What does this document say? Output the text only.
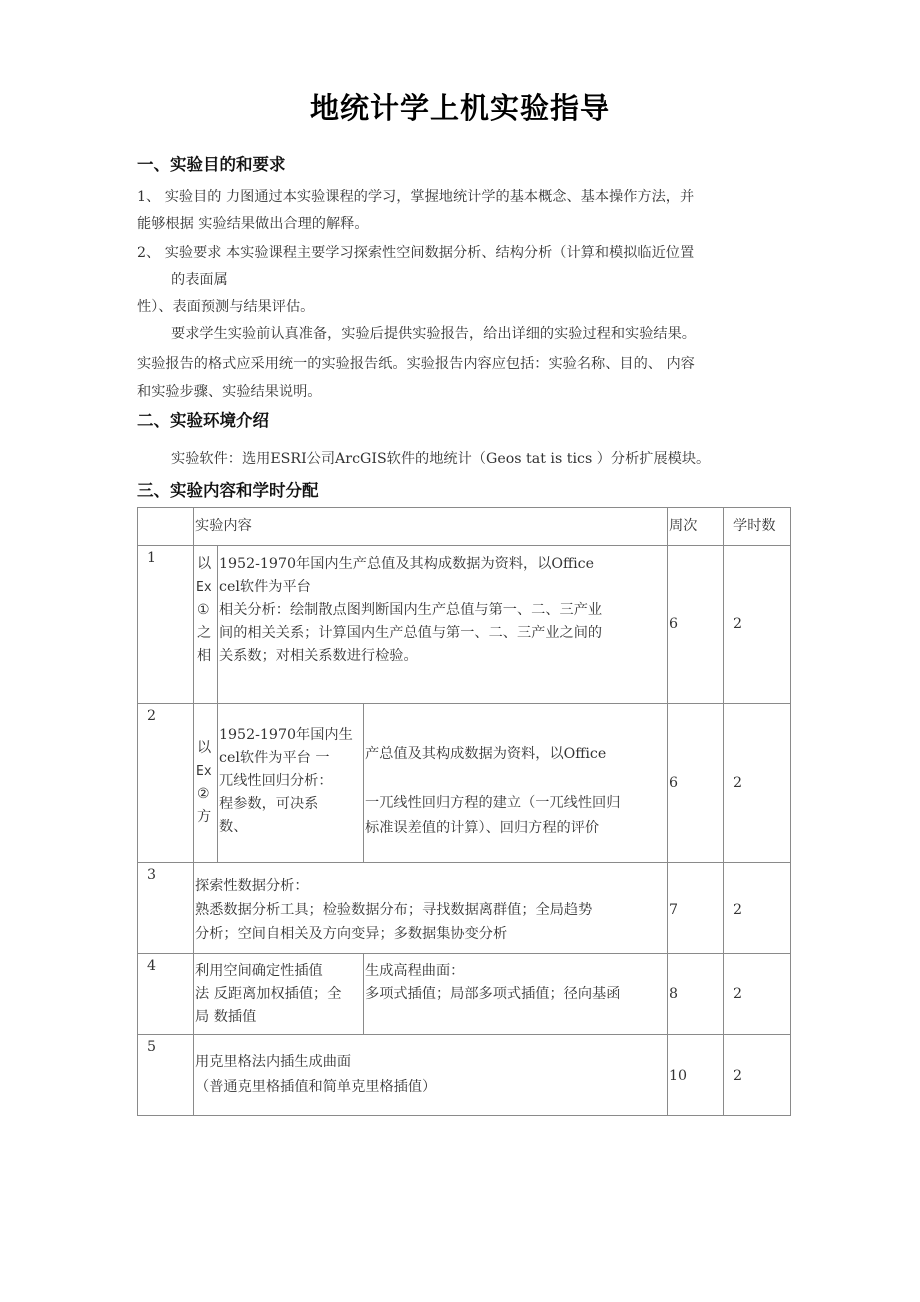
地统计学上机实验指导
一、实验目的和要求
1、 实验目的 力图通过本实验课程的学习，掌握地统计学的基本概念、基本操作方法，并
能够根据 实验结果做出合理的解释。
2、 实验要求 本实验课程主要学习探索性空间数据分析、结构分析（计算和模拟临近位置
的表面属
性）、表面预测与结果评估。
要求学生实验前认真准备，实验后提供实验报告，给出详细的实验过程和实验结果。
实验报告的格式应采用统一的实验报告纸。实验报告内容应包括：实验名称、目的、 内容
和实验步骤、实验结果说明。
二、实验环境介绍
实验软件：选用ESRI公司ArcGIS软件的地统计（Geos tat is tics ）分析扩展模块。
三、实验内容和学时分配

	实验内容			周次	学时数

1	以
Ex
①
之
相	1952-1970年国内生产总值及其构成数据为资料，以Office
cel软件为平台
相关分析：绘制散点图判断国内生产总值与第一、二、三产业
间的相关关系；计算国内生产总值与第一、二、三产业之间的
关系数；对相关系数进行检验。		6	2

2	以
Ex
②
方	1952-1970年国内生
cel软件为平台 一
兀线性回归分析：
程参数，可决系
数、	产总值及其构成数据为资料，以Office
一兀线性回归方程的建立（一兀线性回归
标准误差值的计算）、回归方程的评价	6	2

3	探索性数据分析：
熟悉数据分析工具；检验数据分布；寻找数据离群值；全局趋势
分析；空间自相关及方向变异；多数据集协变分析			7	2

4	利用空间确定性插值
法 反距离加权插值；全
局 数插值		生成高程曲面：
多项式插值；局部多项式插值；径向基函	8	2

5	用克里格法内插生成曲面
（普通克里格插值和简单克里格插值）			10	2
